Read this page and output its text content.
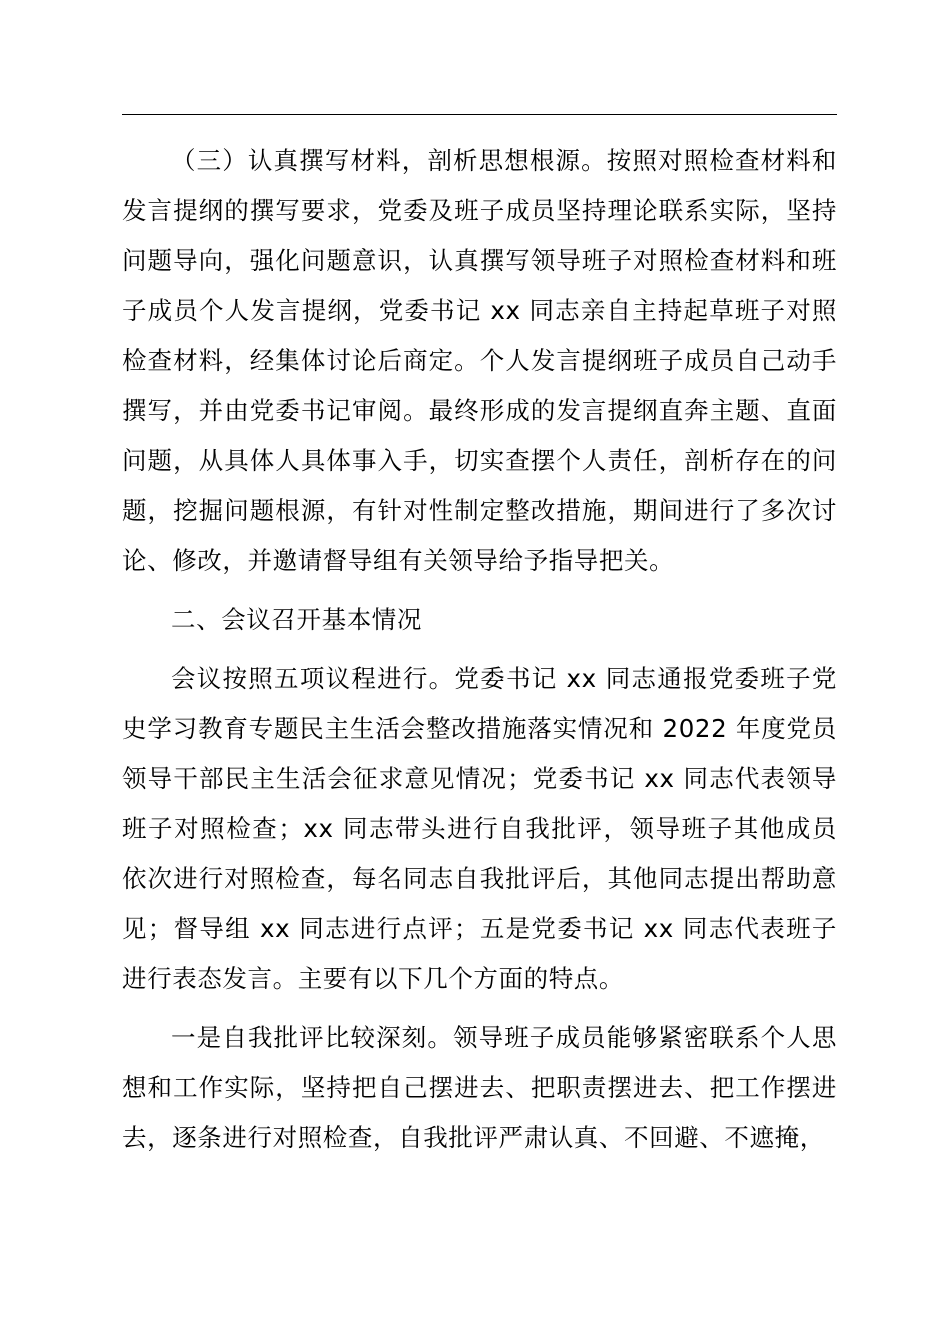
（三）认真撰写材料，剖析思想根源。按照对照检查材料和发言提纲的撰写要求，党委及班子成员坚持理论联系实际，坚持问题导向，强化问题意识，认真撰写领导班子对照检查材料和班子成员个人发言提纲，党委书记 xx 同志亲自主持起草班子对照检查材料，经集体讨论后商定。个人发言提纲班子成员自己动手撰写，并由党委书记审阅。最终形成的发言提纲直奔主题、直面问题，从具体人具体事入手，切实查摆个人责任，剖析存在的问题，挖掘问题根源，有针对性制定整改措施，期间进行了多次讨论、修改，并邀请督导组有关领导给予指导把关。

二、会议召开基本情况

会议按照五项议程进行。党委书记 xx 同志通报党委班子党史学习教育专题民主生活会整改措施落实情况和 2022 年度党员领导干部民主生活会征求意见情况；党委书记 xx 同志代表领导班子对照检查；xx 同志带头进行自我批评，领导班子其他成员依次进行对照检查，每名同志自我批评后，其他同志提出帮助意见；督导组 xx 同志进行点评；五是党委书记 xx 同志代表班子进行表态发言。主要有以下几个方面的特点。

一是自我批评比较深刻。领导班子成员能够紧密联系个人思想和工作实际，坚持把自己摆进去、把职责摆进去、把工作摆进去，逐条进行对照检查，自我批评严肃认真、不回避、不遮掩，
